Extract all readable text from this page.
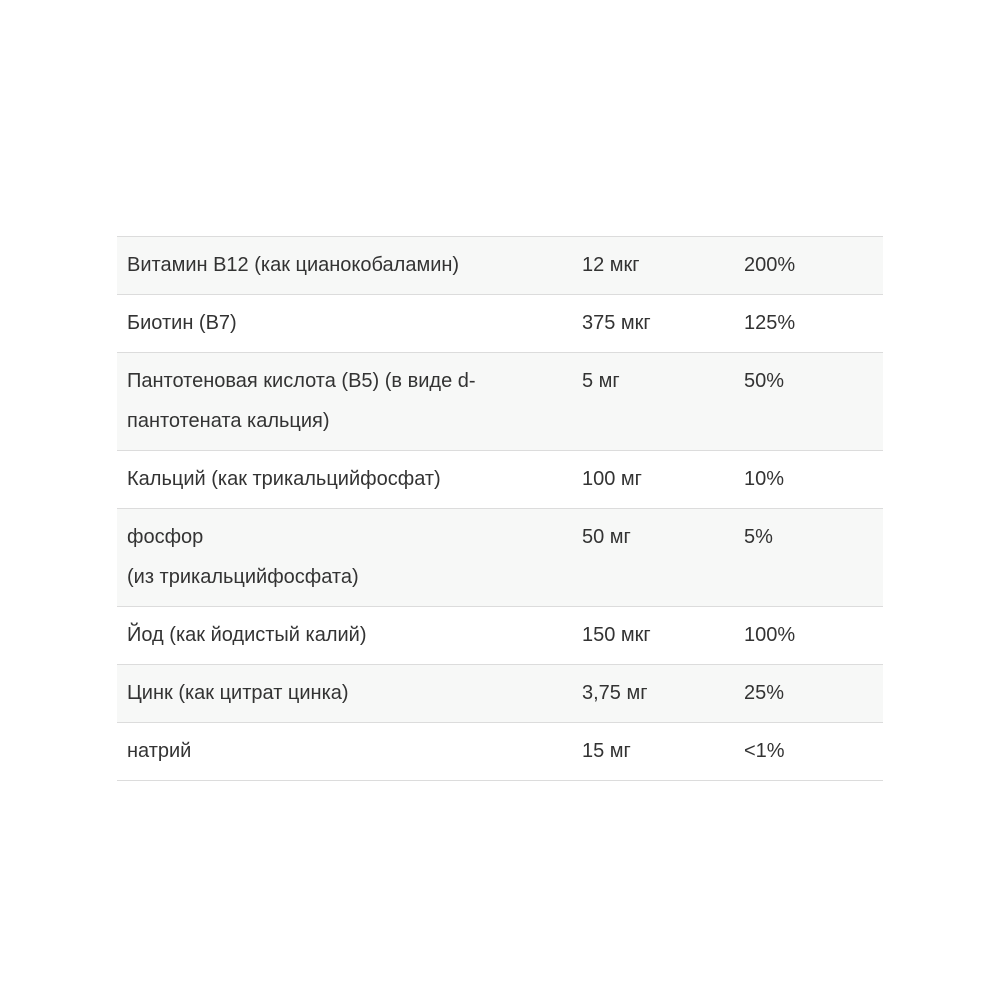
Витамин B12 (как цианокобаламин)	12 мкг	200%
Биотин (B7)	375 мкг	125%
Пантотеновая кислота (B5) (в виде d-пантотената кальция)	5 мг	50%
Кальций (как трикальцийфосфат)	100 мг	10%
фосфор
(из трикальцийфосфата)	50 мг	5%
Йод (как йодистый калий)	150 мкг	100%
Цинк (как цитрат цинка)	3,75 мг	25%
натрий	15 мг	<1%
